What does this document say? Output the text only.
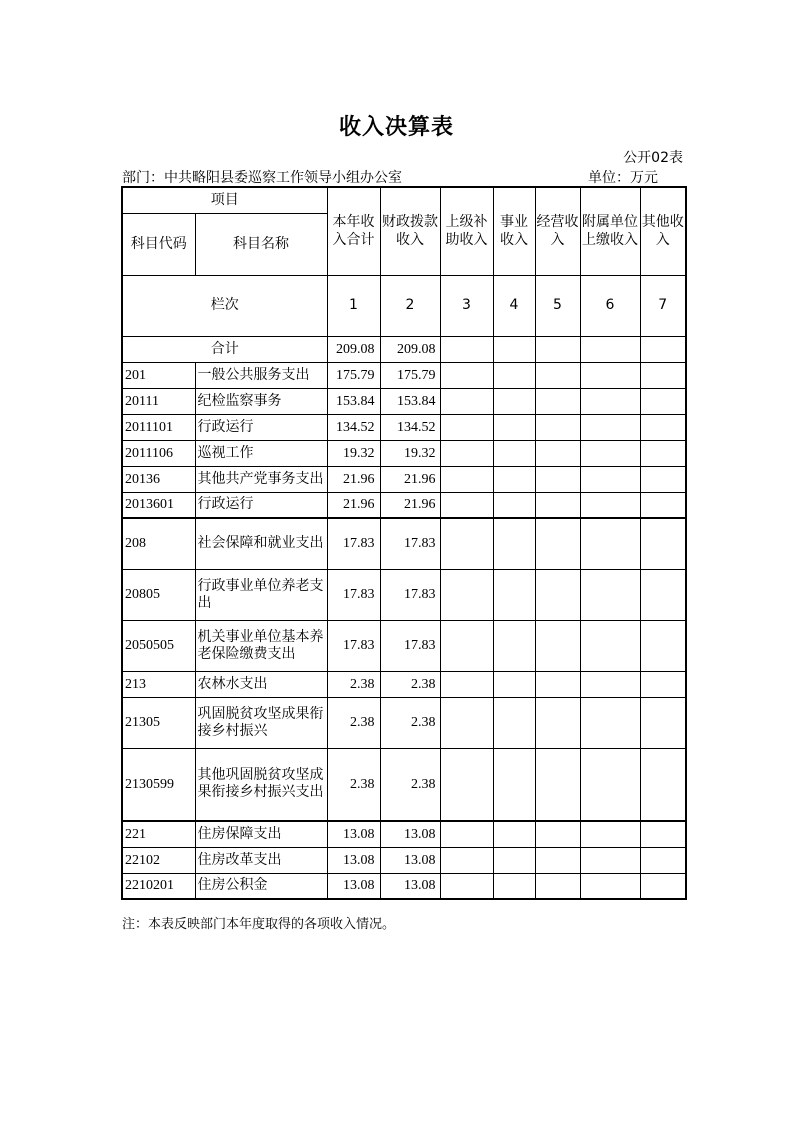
收入决算表
公开02表
部门：中共略阳县委巡察工作领导小组办公室	单位：万元
项目		本年收入合计	财政拨款收入	上级补助收入	事业收入	经营收入	附属单位上缴收入	其他收入
科目代码	科目名称							
栏次		1	2	3	4	5	6	7
合计		209.08	209.08					
201	一般公共服务支出	175.79	175.79					
20111	纪检监察事务	153.84	153.84					
2011101	行政运行	134.52	134.52					
2011106	巡视工作	19.32	19.32					
20136	其他共产党事务支出	21.96	21.96					
2013601	行政运行	21.96	21.96					
208	社会保障和就业支出	17.83	17.83					
20805	行政事业单位养老支出	17.83	17.83					
2050505	机关事业单位基本养老保险缴费支出	17.83	17.83					
213	农林水支出	2.38	2.38					
21305	巩固脱贫攻坚成果衔接乡村振兴	2.38	2.38					
2130599	其他巩固脱贫攻坚成果衔接乡村振兴支出	2.38	2.38					
221	住房保障支出	13.08	13.08					
22102	住房改革支出	13.08	13.08					
2210201	住房公积金	13.08	13.08					
注：本表反映部门本年度取得的各项收入情况。
